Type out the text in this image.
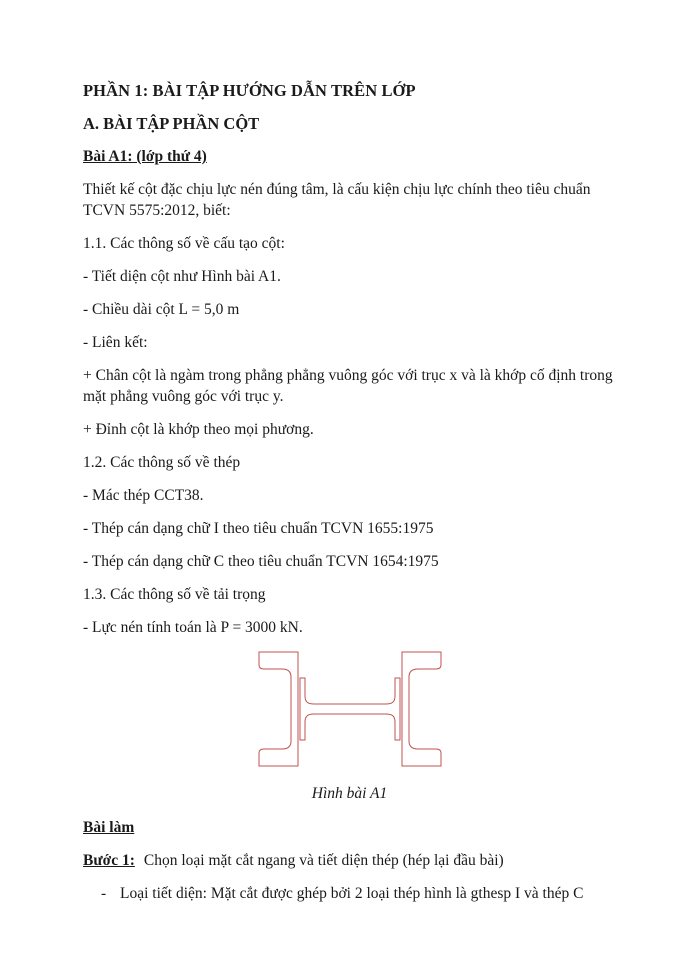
PHẦN 1: BÀI TẬP HƯỚNG DẪN TRÊN LỚP

A. BÀI TẬP PHẦN CỘT

Bài A1: (lớp thứ 4)

Thiết kế cột đặc chịu lực nén đúng tâm, là cấu kiện chịu lực chính theo tiêu chuẩn TCVN 5575:2012, biết:

1.1. Các thông số về cấu tạo cột:

- Tiết diện cột như Hình bài A1.

- Chiều dài cột L = 5,0 m

- Liên kết:

+ Chân cột là ngàm trong phẳng phẳng vuông góc với trục x và là khớp cố định trong mặt phẳng vuông góc với trục y.

+ Đỉnh cột là khớp theo mọi phương.

1.2. Các thông số về thép

- Mác thép CCT38.

- Thép cán dạng chữ I theo tiêu chuẩn TCVN 1655:1975

- Thép cán dạng chữ C theo tiêu chuẩn TCVN 1654:1975

1.3. Các thông số về tải trọng

- Lực nén tính toán là P = 3000 kN.

Hình bài A1

Bài làm

Bước 1: Chọn loại mặt cắt ngang và tiết diện thép (hép lại đầu bài)

- Loại tiết diện: Mặt cắt được ghép bởi 2 loại thép hình là gthesp I và thép C
